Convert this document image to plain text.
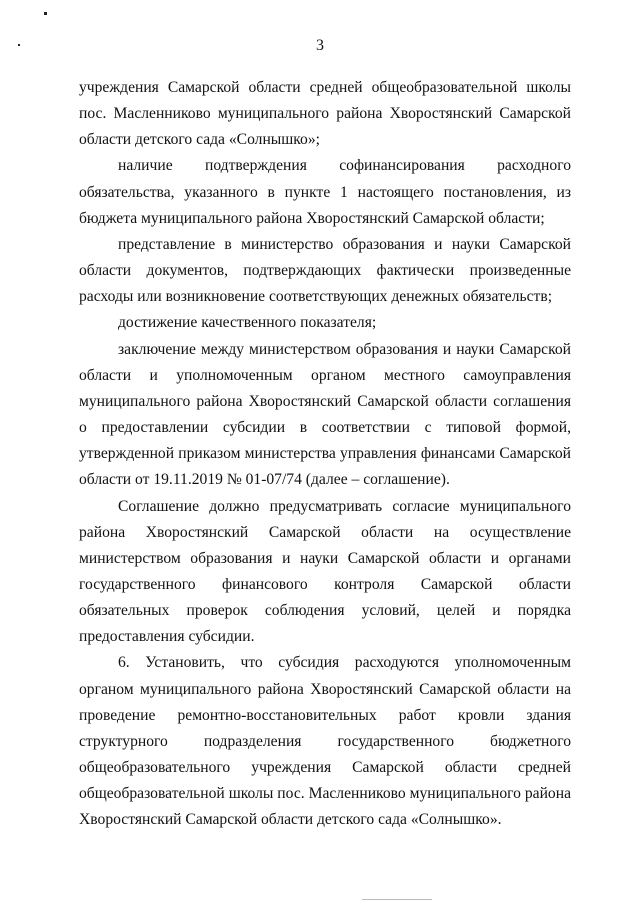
3

учреждения Самарской области средней общеобразовательной школы пос. Масленниково муниципального района Хворостянский Самарской области детского сада «Солнышко»;

наличие подтверждения софинансирования расходного обязательства, указанного в пункте 1 настоящего постановления, из бюджета муниципального района Хворостянский Самарской области;

представление в министерство образования и науки Самарской области документов, подтверждающих фактически произведенные расходы или возникновение соответствующих денежных обязательств;

достижение качественного показателя;

заключение между министерством образования и науки Самарской области и уполномоченным органом местного самоуправления муниципального района Хворостянский Самарской области соглашения о предоставлении субсидии в соответствии с типовой формой, утвержденной приказом министерства управления финансами Самарской области от 19.11.2019 № 01-07/74 (далее – соглашение).

Соглашение должно предусматривать согласие муниципального района Хворостянский Самарской области на осуществление министерством образования и науки Самарской области и органами государственного финансового контроля Самарской области обязательных проверок соблюдения условий, целей и порядка предоставления субсидии.

6. Установить, что субсидия расходуются уполномоченным органом муниципального района Хворостянский Самарской области на проведение ремонтно-восстановительных работ кровли здания структурного подразделения государственного бюджетного общеобразовательного учреждения Самарской области средней общеобразовательной школы пос. Масленниково муниципального района Хворостянский Самарской области детского сада «Солнышко».
